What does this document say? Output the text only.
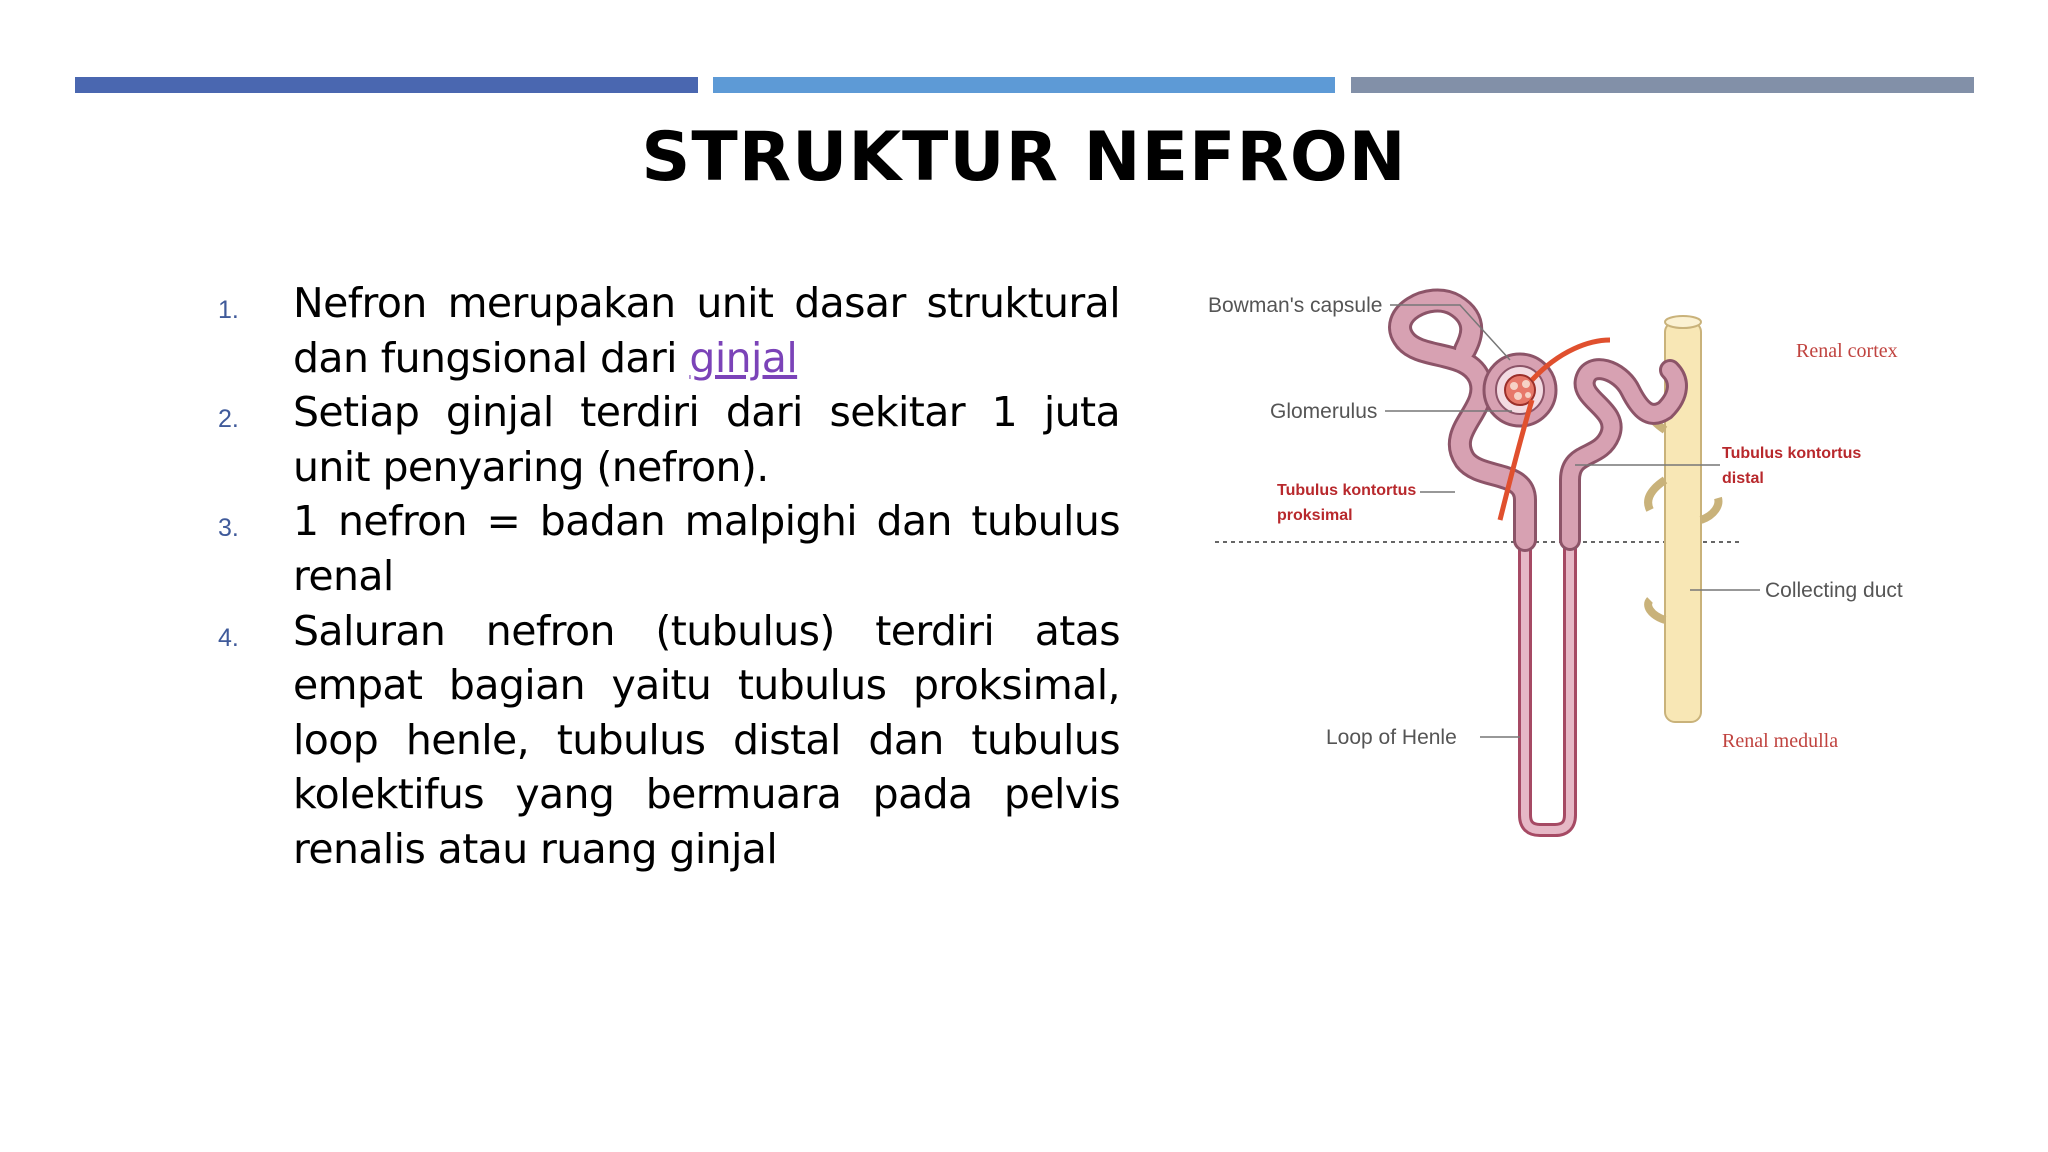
STRUKTUR NEFRON
1.	Nefron merupakan unit dasar struktural dan fungsional dari ginjal
2.	Setiap ginjal terdiri dari sekitar 1 juta unit penyaring (nefron).
3.	1 nefron = badan malpighi dan tubulus renal
4.	Saluran nefron (tubulus) terdiri atas empat bagian yaitu tubulus proksimal, loop henle, tubulus distal dan tubulus kolektifus yang bermuara pada pelvis renalis atau ruang ginjal
Bowman's capsule
Glomerulus
Tubulus kontortus
proksimal
Tubulus kontortus
distal
Collecting duct
Loop of Henle
Renal cortex
Renal medulla
